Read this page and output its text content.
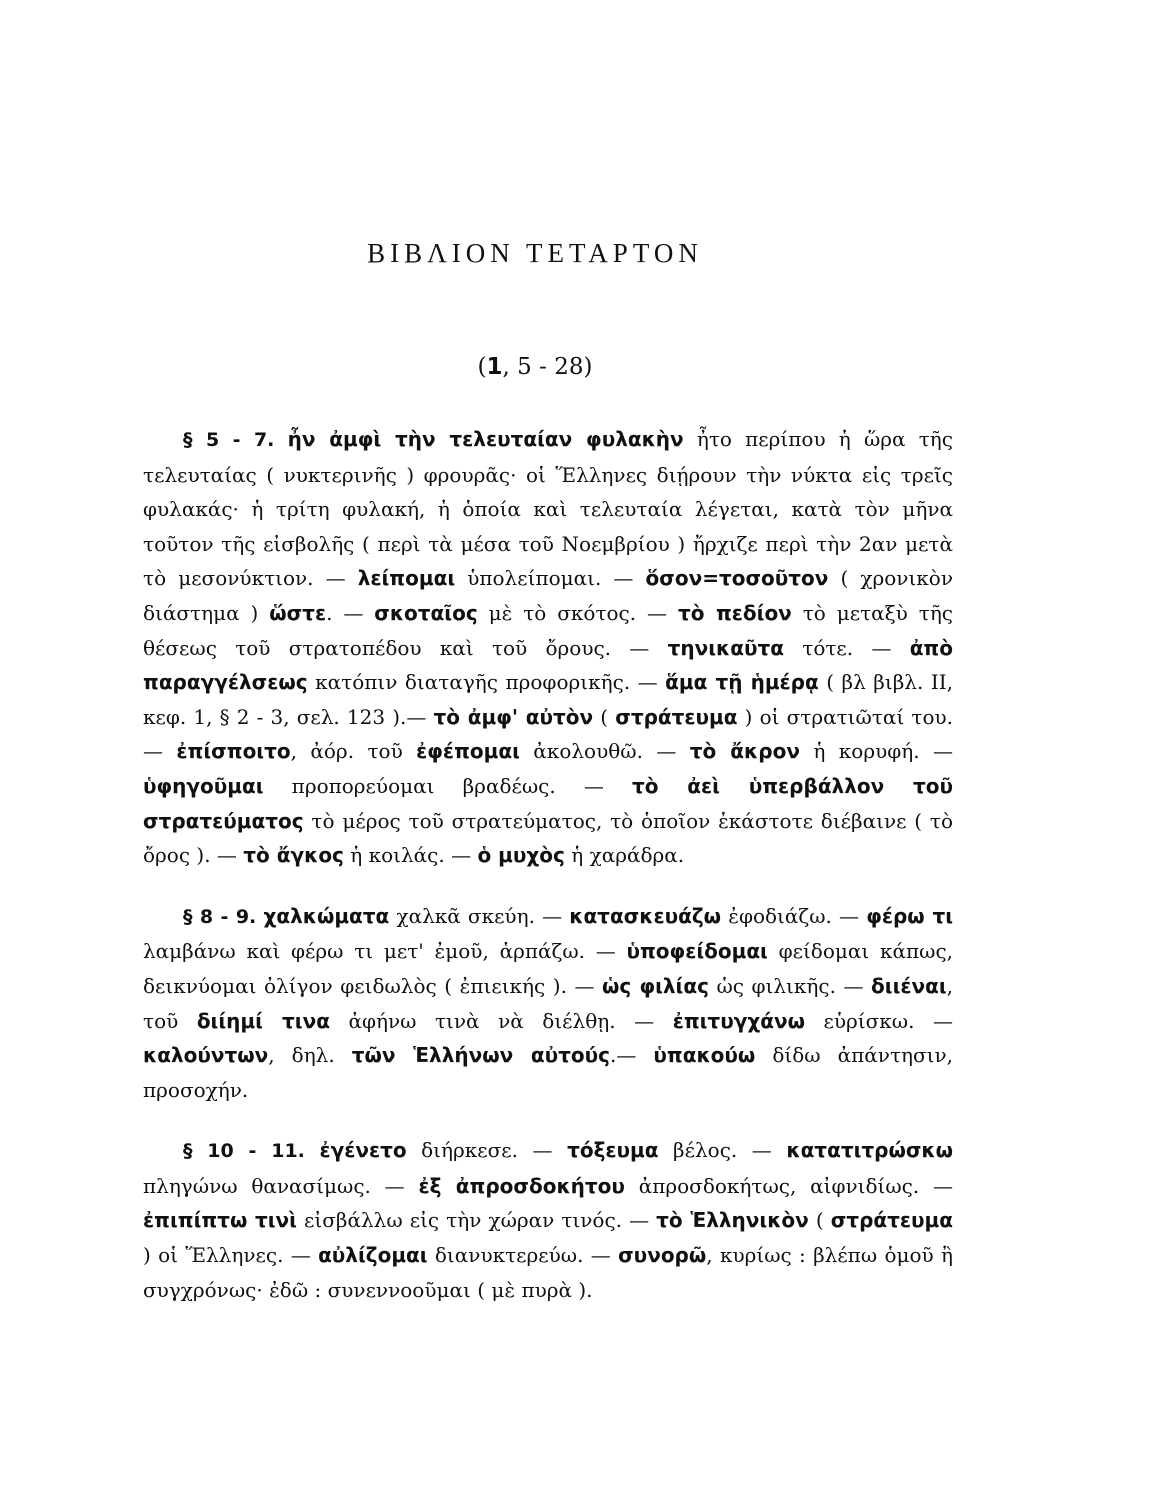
ΒΙΒΛΙΟΝ ΤΕΤΑΡΤΟΝ
(1, 5 - 28)

§ 5 - 7. ἦν ἀμφὶ τὴν τελευταίαν φυλακὴν ἦτο περίπου ἡ ὥρα τῆς τελευταίας ( νυκτερινῆς ) φρουρᾶς· οἱ Ἕλληνες διῄρουν τὴν νύκτα εἰς τρεῖς φυλακάς· ἡ τρίτη φυλακή, ἡ ὁποία καὶ τελευταία λέγεται, κατὰ τὸν μῆνα τοῦτον τῆς εἰσβολῆς ( περὶ τὰ μέσα τοῦ Νοεμβρίου ) ἤρχιζε περὶ τὴν 2αν μετὰ τὸ μεσονύκτιον. — λείπομαι ὑπολείπομαι. — ὅσον=τοσοῦτον ( χρονικὸν διάστημα ) ὥστε. — σκοταῖος μὲ τὸ σκότος. — τὸ πεδίον τὸ μεταξὺ τῆς θέσεως τοῦ στρατοπέδου καὶ τοῦ ὄρους. — τηνικαῦτα τότε. — ἀπὸ παραγγέλσεως κατόπιν διαταγῆς προφορικῆς. — ἅμα τῇ ἡμέρᾳ ( βλ βιβλ. II, κεφ. 1, § 2 - 3, σελ. 123 ).— τὸ ἀμφ' αὐτὸν ( στράτευμα ) οἱ στρατιῶταί του. — ἐπίσποιτο, ἀόρ. τοῦ ἐφέπομαι ἀκολουθῶ. — τὸ ἄκρον ἡ κορυφή. — ὑφηγοῦμαι προπορεύομαι βραδέως. — τὸ ἀεὶ ὑπερβάλλον τοῦ στρατεύματος τὸ μέρος τοῦ στρατεύματος, τὸ ὁποῖον ἑκάστοτε διέβαινε ( τὸ ὄρος ). — τὸ ἄγκος ἡ κοιλάς. — ὁ μυχὸς ἡ χαράδρα.

§ 8 - 9. χαλκώματα χαλκᾶ σκεύη. — κατασκευάζω ἐφοδιάζω. — φέρω τι λαμβάνω καὶ φέρω τι μετ' ἐμοῦ, ἁρπάζω. — ὑποφείδομαι φείδομαι κάπως, δεικνύομαι ὀλίγον φειδωλὸς ( ἐπιεικής ). — ὡς φιλίας ὡς φιλικῆς. — διιέναι, τοῦ διίημί τινα ἀφήνω τινὰ νὰ διέλθῃ. — ἐπιτυγχάνω εὑρίσκω. — καλούντων, δηλ. τῶν Ἑλλήνων αὐτούς.— ὑπακούω δίδω ἀπάντησιν, προσοχήν.

§ 10 - 11. ἐγένετο διήρκεσε. — τόξευμα βέλος. — κατατιτρώσκω πληγώνω θανασίμως. — ἐξ ἀπροσδοκήτου ἀπροσδοκήτως, αἰφνιδίως. — ἐπιπίπτω τινὶ εἰσβάλλω εἰς τὴν χώραν τινός. — τὸ Ἑλληνικὸν ( στράτευμα ) οἱ Ἕλληνες. — αὐλίζομαι διανυκτερεύω. — συνορῶ, κυρίως : βλέπω ὁμοῦ ἢ συγχρόνως· ἐδῶ : συνεννοοῦμαι ( μὲ πυρὰ ).
